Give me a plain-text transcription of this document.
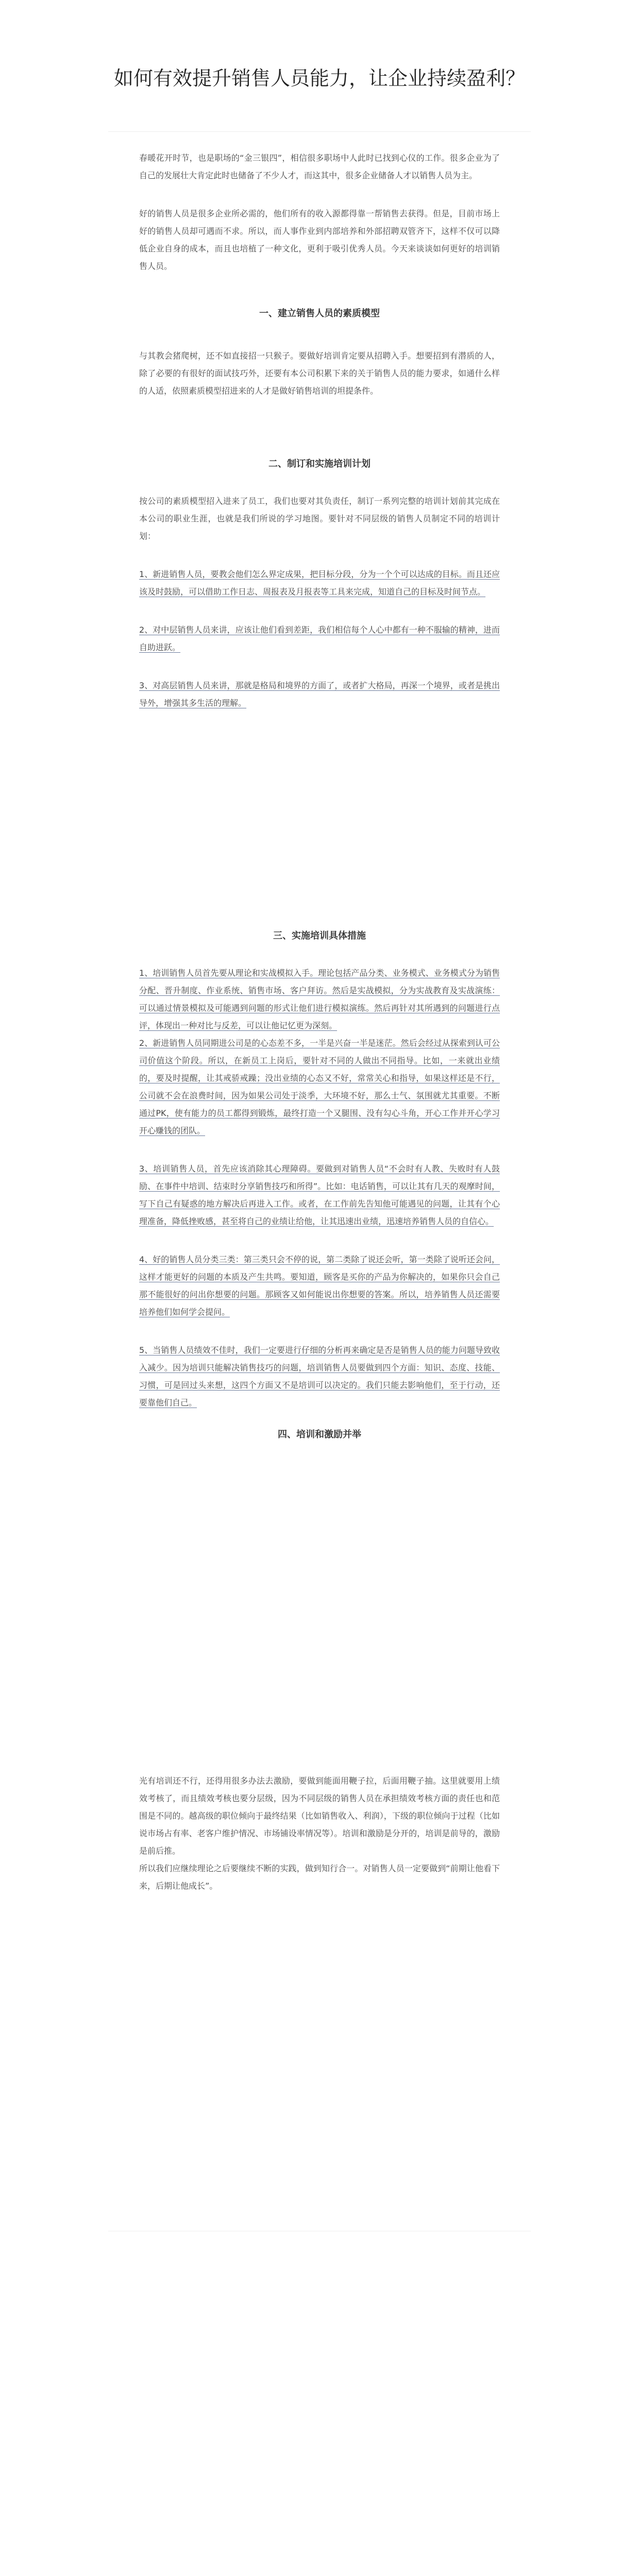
如何有效提升销售人员能力，让企业持续盈利？

春暖花开时节，也是职场的“金三银四”，相信很多职场中人此时已找到心仪的工作。很多企业为了自己的发展壮大肯定此时也储备了不少人才，而这其中，很多企业储备人才以销售人员为主。

好的销售人员是很多企业所必需的，他们所有的收入源都得靠一帮销售去获得。但是，目前市场上好的销售人员却可遇而不求。所以，而人事作业到内部培养和外部招聘双管齐下，这样不仅可以降低企业自身的成本，而且也培植了一种文化，更利于吸引优秀人员。今天来谈谈如何更好的培训销售人员。

一、建立销售人员的素质模型

与其教会猪爬树，还不如直接招一只猴子。要做好培训肯定要从招聘入手。想要招到有潜质的人，除了必要的有很好的面试技巧外，还要有本公司积累下来的关于销售人员的能力要求，如通什么样的人适，依照素质模型招进来的人才是做好销售培训的坦提条件。

二、制订和实施培训计划

按公司的素质模型招入进来了员工，我们也要对其负责任，制订一系列完整的培训计划前其完成在本公司的职业生涯，也就是我们所说的学习地图。要针对不同层级的销售人员制定不同的培训计划：

1、新进销售人员，要教会他们怎么界定成果，把目标分段，分为一个个可以达成的目标。而且还应该及时鼓励，可以借助工作日志、周报表及月报表等工具来完成，知道自己的目标及时间节点。

2、对中层销售人员来讲，应该让他们看到差距，我们相信每个人心中都有一种不服输的精神，进而自助进跃。

3、对高层销售人员来讲，那就是格局和境界的方面了，或者扩大格局，再深一个境界，或者是挑出导外，增强其多生活的理解。

三、实施培训具体措施

1、培训销售人员首先要从理论和实战模拟入手。理论包括产品分类、业务模式、业务模式分为销售分配、晋升制度、作业系统、销售市场、客户拜访。然后是实战模拟，分为实战教育及实战演练：可以通过情景模拟及可能遇到问题的形式让他们进行模拟演练。然后再针对其所遇到的问题进行点评，体现出一种对比与反差，可以让他记忆更为深刻。

2、新进销售人员同期进公司是的心态差不多，一半是兴奋一半是迷茫。然后会经过从探索到认可公司价值这个阶段。所以，在新员工上岗后，要针对不同的人做出不同指导。比如，一来就出业绩的，要及时提醒，让其戒骄戒躁；没出业绩的心态又不好，常常关心和指导，如果这样还是不行，公司就不会在浪费时间，因为如果公司处于淡季，大环境不好，那么士气、氛围就尤其重要。不断通过PK，使有能力的员工都得到锻炼，最终打造一个又腿围、没有勾心斗角，开心工作并开心学习开心赚钱的团队。

3、培训销售人员，首先应该消除其心理障碍。要做到对销售人员“不会时有人教、失败时有人鼓励、在事件中培训、结束时分享销售技巧和所得”。比如：电话销售，可以让其有几天的观摩时间，写下自己有疑惑的地方解决后再进入工作。或者，在工作前先告知他可能遇见的问题，让其有个心理准备，降低挫败感，甚至将自己的业绩让给他，让其迅速出业绩，迅速培养销售人员的自信心。

4、好的销售人员分类三类：第三类只会不停的说，第二类除了说还会听，第一类除了说听还会问，这样才能更好的问题的本质及产生共鸣。要知道，顾客是买你的产品为你解决的，如果你只会自己那不能很好的问出你想要的问题。那顾客又如何能说出你想要的答案。所以，培养销售人员还需要培养他们如何学会提问。

5、当销售人员绩效不佳时，我们一定要进行仔细的分析再来确定是否是销售人员的能力问题导致收入减少。因为培训只能解决销售技巧的问题，培训销售人员要做到四个方面：知识、态度、技能、习惯，可是回过头来想，这四个方面又不是培训可以决定的。我们只能去影响他们，至于行动，还要靠他们自己。

四、培训和激励并举

光有培训还不行，还得用很多办法去激励，要做到能面用鞭子拉，后面用鞭子抽。这里就要用上绩效考核了，而且绩效考核也要分层级，因为不同层级的销售人员在承担绩效考核方面的责任也和范围是不同的。越高级的职位倾向于最终结果（比如销售收入、利润），下级的职位倾向于过程（比如说市场占有率、老客户维护情况、市场铺设率情况等）。培训和激励是分开的，培训是前导的，激励是前后推。

所以我们应继续理论之后要继续不断的实践，做到知行合一。对销售人员一定要做到“前期让他看下来，后期让他成长”。
